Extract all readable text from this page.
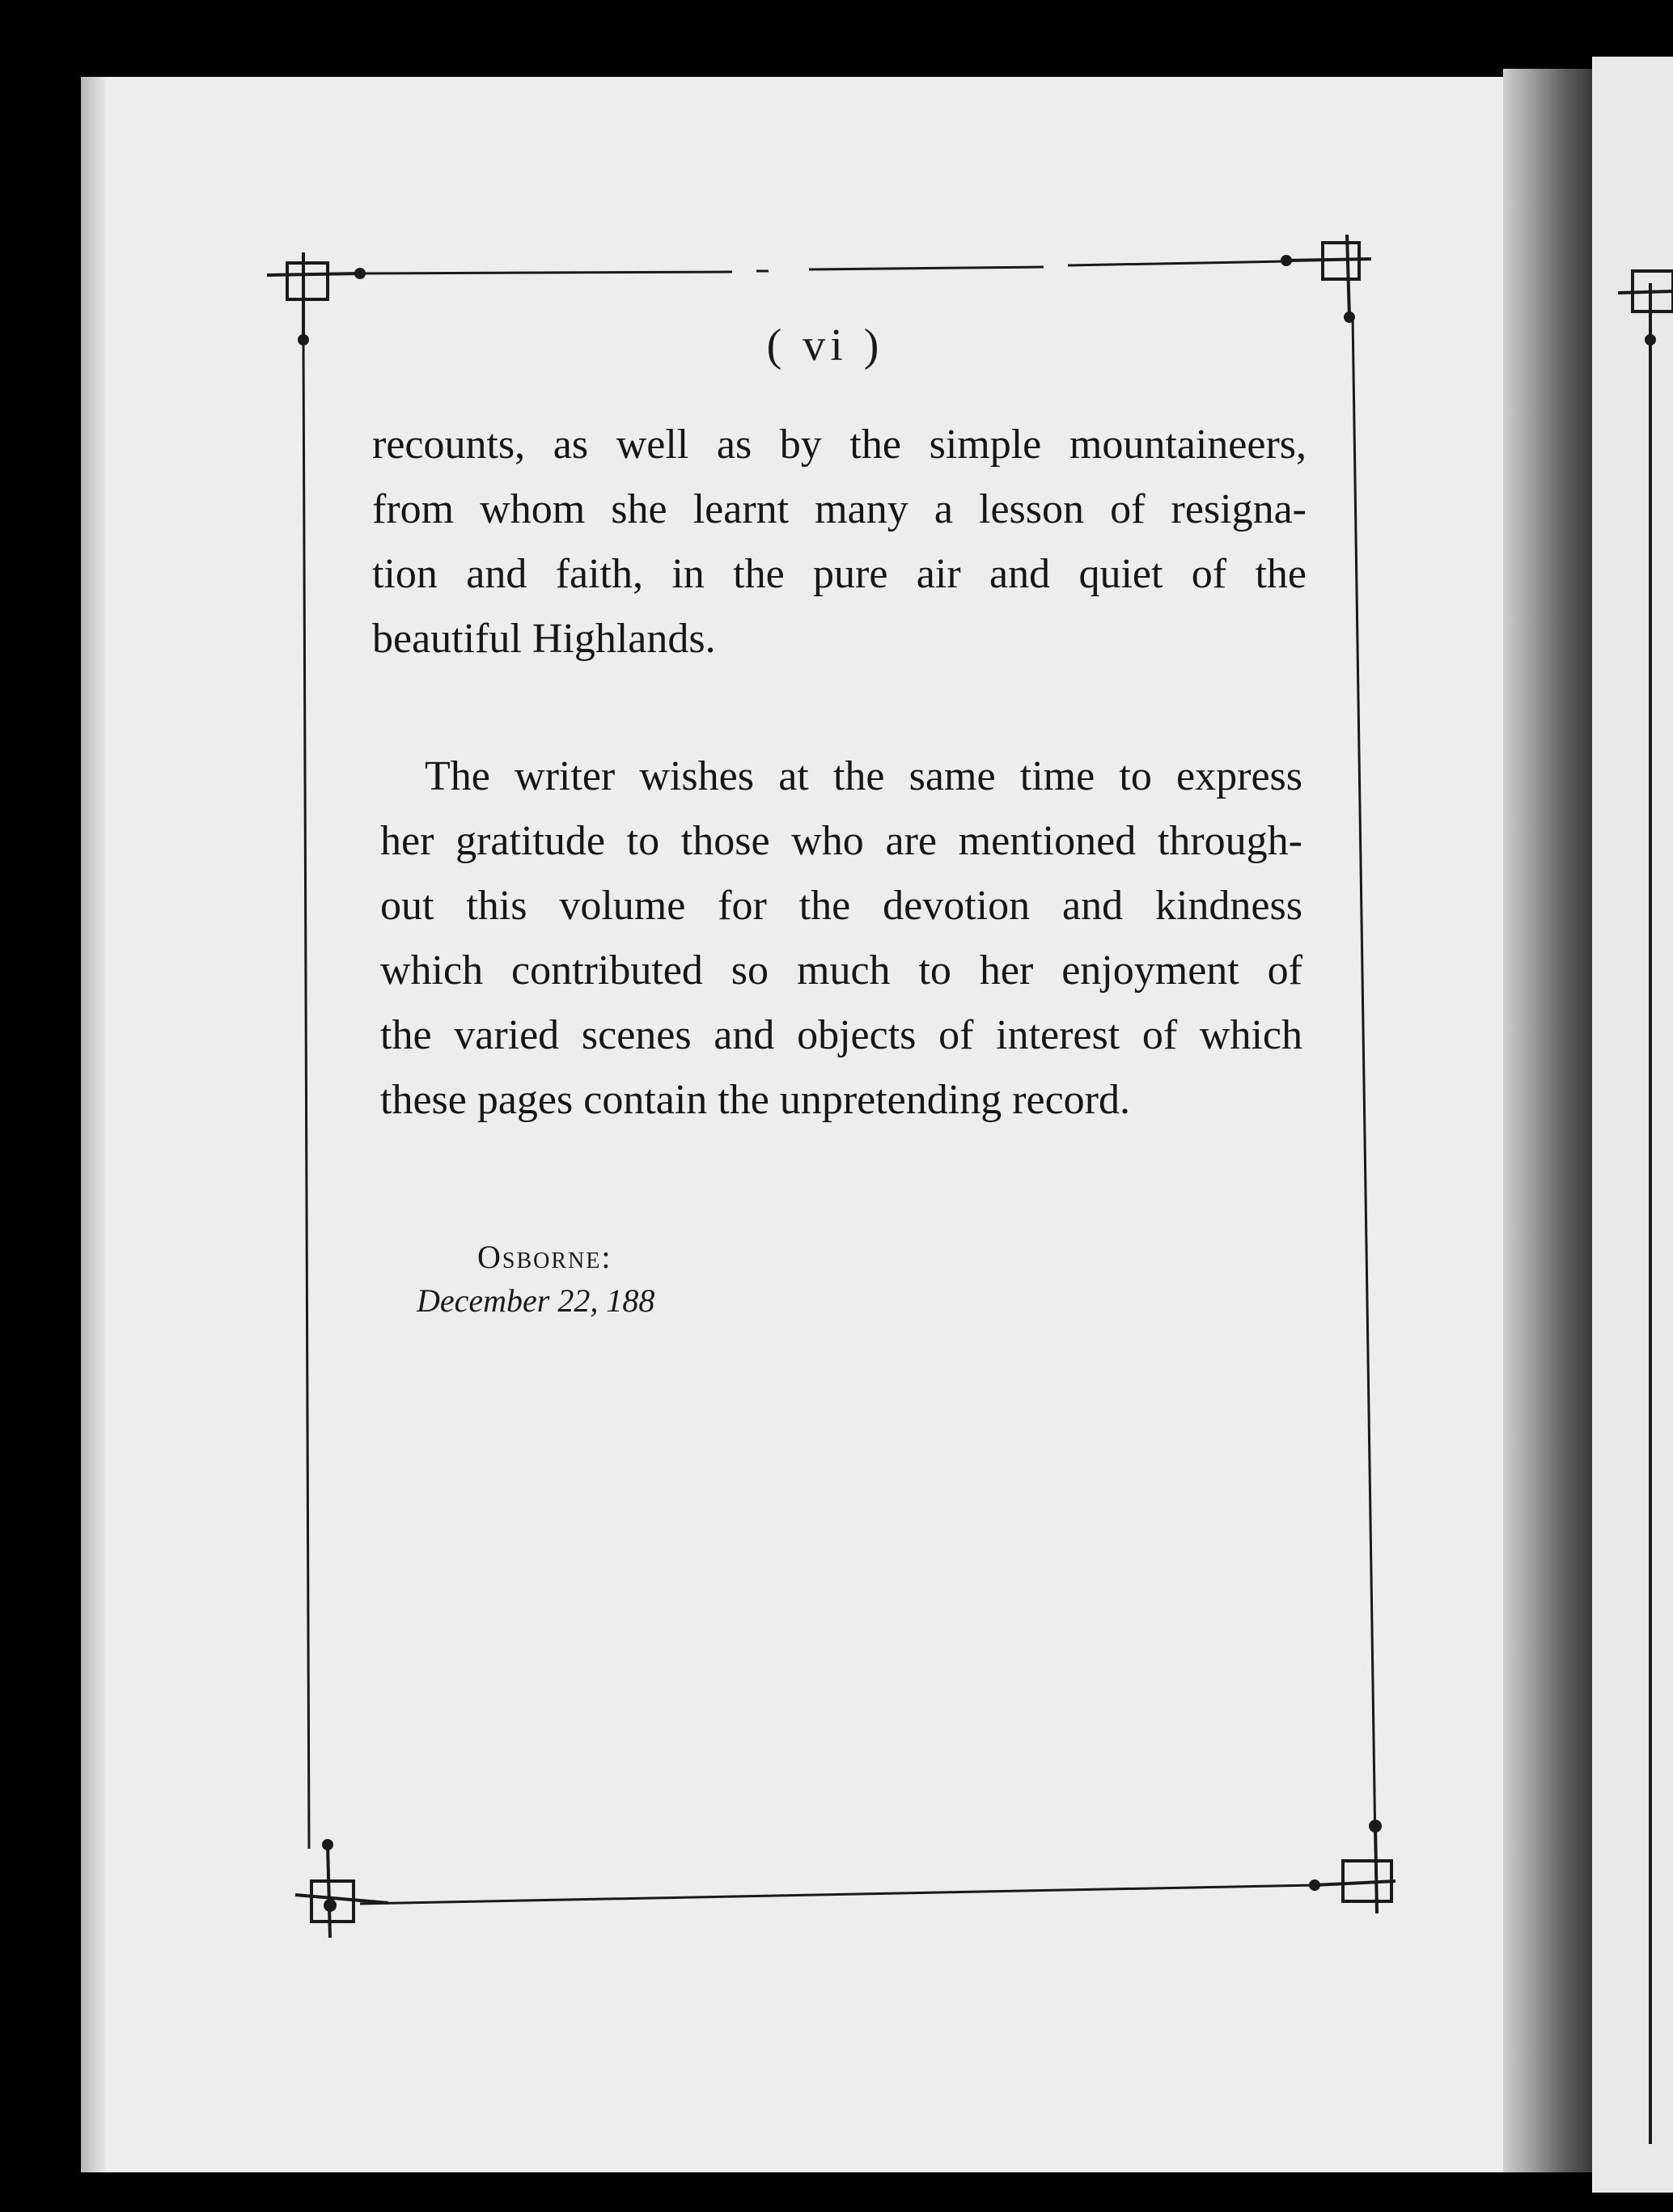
( vi )
recounts, as well as by the simple mountaineers,
from whom she learnt many a lesson of resigna-
tion and faith, in the pure air and quiet of the
beautiful Highlands.
The writer wishes at the same time to express
her gratitude to those who are mentioned through-
out this volume for the devotion and kindness
which contributed so much to her enjoyment of
the varied scenes and objects of interest of which
these pages contain the unpretending record.
Osborne:
December 22, 188
